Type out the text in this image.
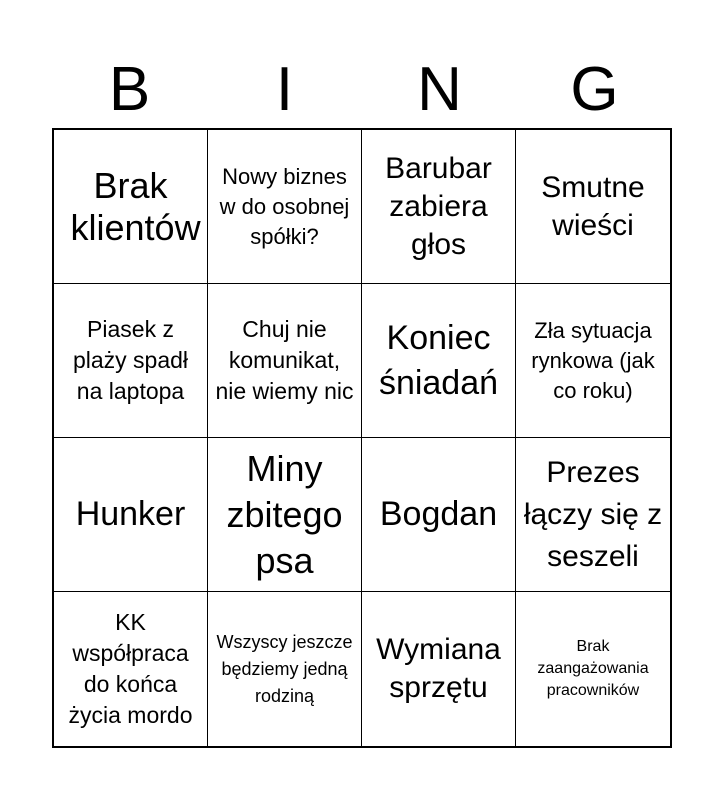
B	I	N	G
Brak klientów
Nowy biznes w do osobnej spółki?
Barubar zabiera głos
Smutne wieści
Piasek z plaży spadł na laptopa
Chuj nie komunikat, nie wiemy nic
Koniec śniadań
Zła sytuacja rynkowa (jak co roku)
Hunker
Miny zbitego psa
Bogdan
Prezes łączy się z seszeli
KK współpraca do końca życia mordo
Wszyscy jeszcze będziemy jedną rodziną
Wymiana sprzętu
Brak zaangażowania pracowników
